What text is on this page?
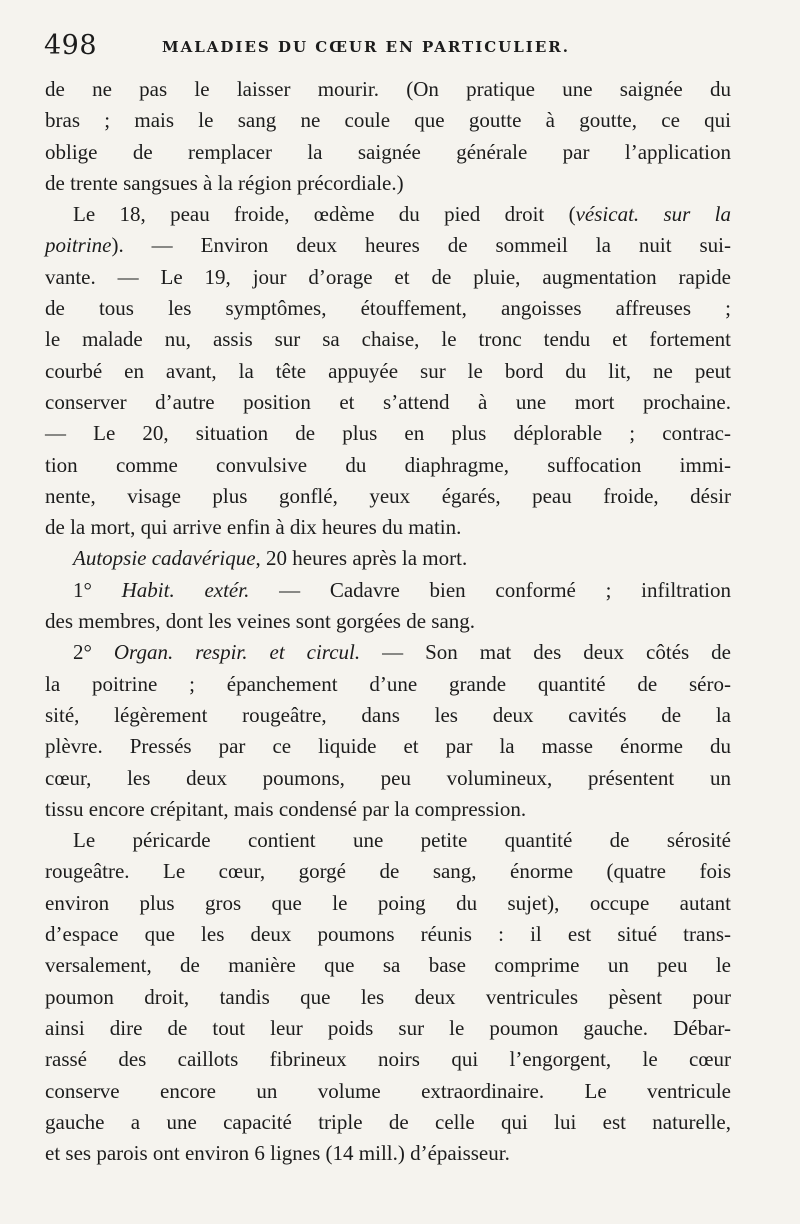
498	MALADIES DU CŒUR EN PARTICULIER.
de ne pas le laisser mourir. (On pratique une saignée du
bras ; mais le sang ne coule que goutte à goutte, ce qui
oblige de remplacer la saignée générale par l’application
de trente sangsues à la région précordiale.)
Le 18, peau froide, œdème du pied droit (vésicat. sur la
poitrine). — Environ deux heures de sommeil la nuit sui-
vante. — Le 19, jour d’orage et de pluie, augmentation rapide
de tous les symptômes, étouffement, angoisses affreuses ;
le malade nu, assis sur sa chaise, le tronc tendu et fortement
courbé en avant, la tête appuyée sur le bord du lit, ne peut
conserver d’autre position et s’attend à une mort prochaine.
— Le 20, situation de plus en plus déplorable ; contrac-
tion comme convulsive du diaphragme, suffocation immi-
nente, visage plus gonflé, yeux égarés, peau froide, désir
de la mort, qui arrive enfin à dix heures du matin.
Autopsie cadavérique, 20 heures après la mort.
1° Habit. extér. — Cadavre bien conformé ; infiltration
des membres, dont les veines sont gorgées de sang.
2° Organ. respir. et circul. — Son mat des deux côtés de
la poitrine ; épanchement d’une grande quantité de séro-
sité, légèrement rougeâtre, dans les deux cavités de la
plèvre. Pressés par ce liquide et par la masse énorme du
cœur, les deux poumons, peu volumineux, présentent un
tissu encore crépitant, mais condensé par la compression.
Le péricarde contient une petite quantité de sérosité
rougeâtre. Le cœur, gorgé de sang, énorme (quatre fois
environ plus gros que le poing du sujet), occupe autant
d’espace que les deux poumons réunis : il est situé trans-
versalement, de manière que sa base comprime un peu le
poumon droit, tandis que les deux ventricules pèsent pour
ainsi dire de tout leur poids sur le poumon gauche. Débar-
rassé des caillots fibrineux noirs qui l’engorgent, le cœur
conserve encore un volume extraordinaire. Le ventricule
gauche a une capacité triple de celle qui lui est naturelle,
et ses parois ont environ 6 lignes (14 mill.) d’épaisseur.
